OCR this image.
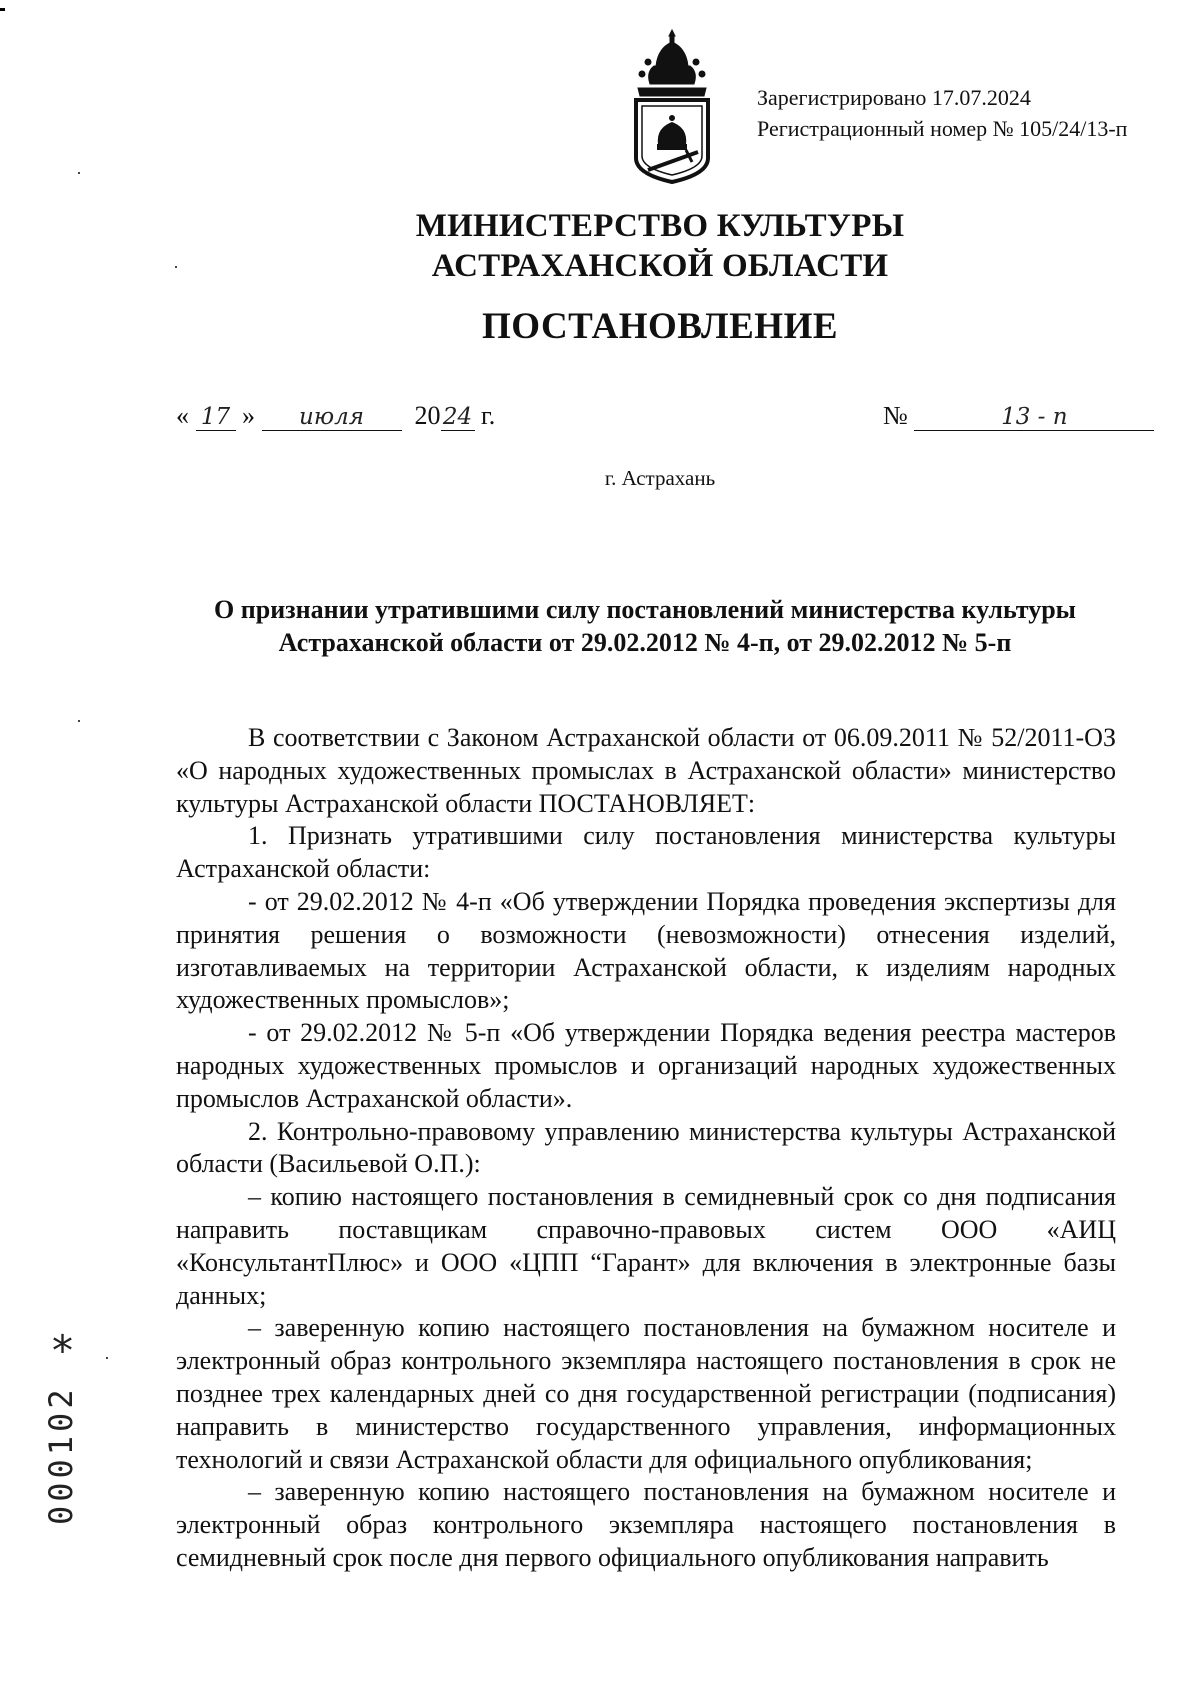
Зарегистрировано 17.07.2024
Регистрационный номер № 105/24/13-п
МИНИСТЕРСТВО КУЛЬТУРЫ
АСТРАХАНСКОЙ ОБЛАСТИ
ПОСТАНОВЛЕНИЕ
« 17 » июля 20 24 г.	№	13 - п
г. Астрахань
О признании утратившими силу постановлений министерства культуры
Астраханской области от 29.02.2012 № 4-п, от 29.02.2012 № 5-п

В соответствии с Законом Астраханской области от 06.09.2011 № 52/2011-ОЗ «О народных художественных промыслах в Астраханской области» министерство культуры Астраханской области ПОСТАНОВЛЯЕТ:

1. Признать утратившими силу постановления министерства культуры Астраханской области:

- от 29.02.2012 № 4-п «Об утверждении Порядка проведения экспертизы для принятия решения о возможности (невозможности) отнесения изделий, изготавливаемых на территории Астраханской области, к изделиям народных художественных промыслов»;

- от 29.02.2012 № 5-п «Об утверждении Порядка ведения реестра мастеров народных художественных промыслов и организаций народных художественных промыслов Астраханской области».

2. Контрольно-правовому управлению министерства культуры Астраханской области (Васильевой О.П.):

– копию настоящего постановления в семидневный срок со дня подписания направить поставщикам справочно-правовых систем ООО «АИЦ «КонсультантПлюс» и ООО «ЦПП “Гарант» для включения в электронные базы данных;

– заверенную копию настоящего постановления на бумажном носителе и электронный образ контрольного экземпляра настоящего постановления в срок не позднее трех календарных дней со дня государственной регистрации (подписания) направить в министерство государственного управления, информационных технологий и связи Астраханской области для официального опубликования;

– заверенную копию настоящего постановления на бумажном носителе и электронный образ контрольного экземпляра настоящего постановления в семидневный срок после дня первого официального опубликования направить

*
000102
